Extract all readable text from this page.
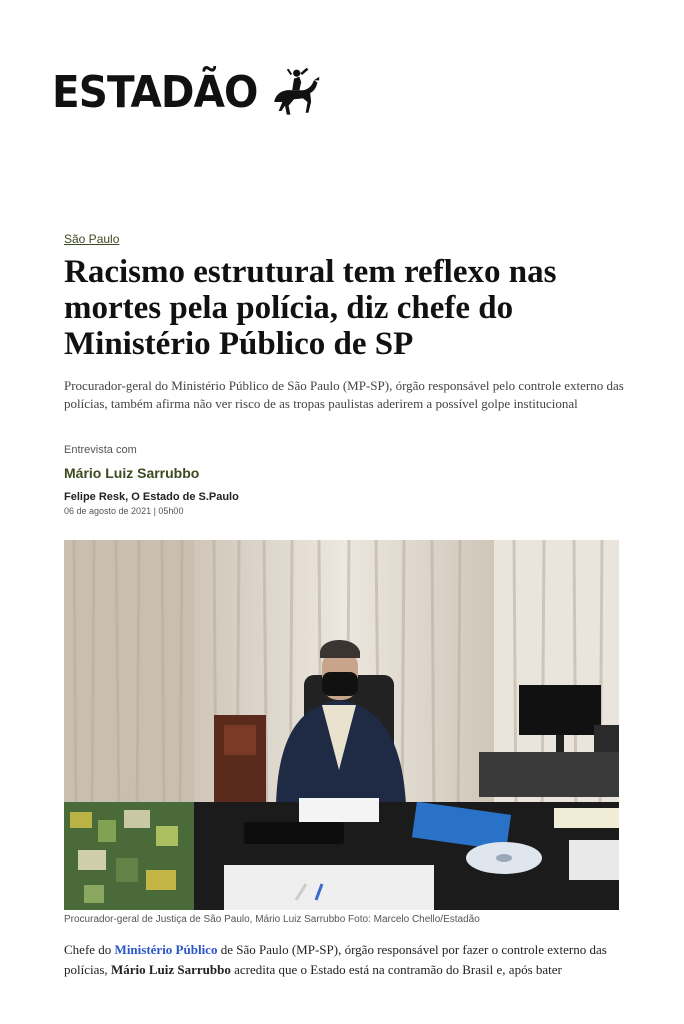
ESTADÃO
São Paulo
Racismo estrutural tem reflexo nas mortes pela polícia, diz chefe do Ministério Público de SP

Procurador-geral do Ministério Público de São Paulo (MP-SP), órgão responsável pelo controle externo das polícias, também afirma não ver risco de as tropas paulistas aderirem a possível golpe institucional

Entrevista com
Mário Luiz Sarrubbo
Felipe Resk, O Estado de S.Paulo
06 de agosto de 2021 | 05h00
Procurador-geral de Justiça de São Paulo, Mário Luiz Sarrubbo Foto: Marcelo Chello/Estadão

Chefe do Ministério Público de São Paulo (MP-SP), órgão responsável por fazer o controle externo das polícias, Mário Luiz Sarrubbo acredita que o Estado está na contramão do Brasil e, após bater
